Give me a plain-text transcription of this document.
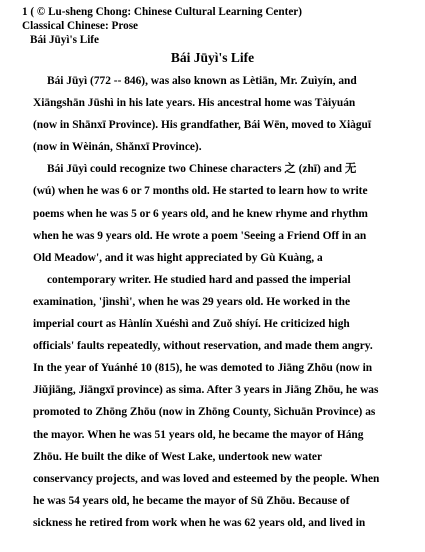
1 ( © Lu-sheng Chong: Chinese Cultural Learning Center)
Classical Chinese: Prose
Bái Jūyì's Life
Bái Jūyì's Life
Bái Jūyì (772 -- 846), was also known as Lètiān, Mr. Zuìyín, and
Xiāngshān Jūshì in his late years. His ancestral home was Tàiyuán
(now in Shānxī Province). His grandfather, Bái Wēn, moved to Xiàguī
(now in Wèinán, Shǎnxī Province).
Bái Jūyì could recognize two Chinese characters 之 (zhī) and 无
(wú) when he was 6 or 7 months old. He started to learn how to write
poems when he was 5 or 6 years old, and he knew rhyme and rhythm
when he was 9 years old. He wrote a poem 'Seeing a Friend Off in an
Old Meadow', and it was hight appreciated by Gù Kuàng, a
contemporary writer. He studied hard and passed the imperial
examination, 'jìnshì', when he was 29 years old. He worked in the
imperial court as Hànlín Xuéshì and Zuǒ shíyí. He criticized high
officials' faults repeatedly, without reservation, and made them angry.
In the year of Yuánhé 10 (815), he was demoted to Jiāng Zhōu (now in
Jiǔjiāng, Jiāngxī province) as sima. After 3 years in Jiāng Zhōu, he was
promoted to Zhōng Zhōu (now in Zhōng County, Sìchuān Province) as
the mayor. When he was 51 years old, he became the mayor of Háng
Zhōu. He built the dike of West Lake, undertook new water
conservancy projects, and was loved and esteemed by the people. When
he was 54 years old, he became the mayor of Sū Zhōu. Because of
sickness he retired from work when he was 62 years old, and lived in
